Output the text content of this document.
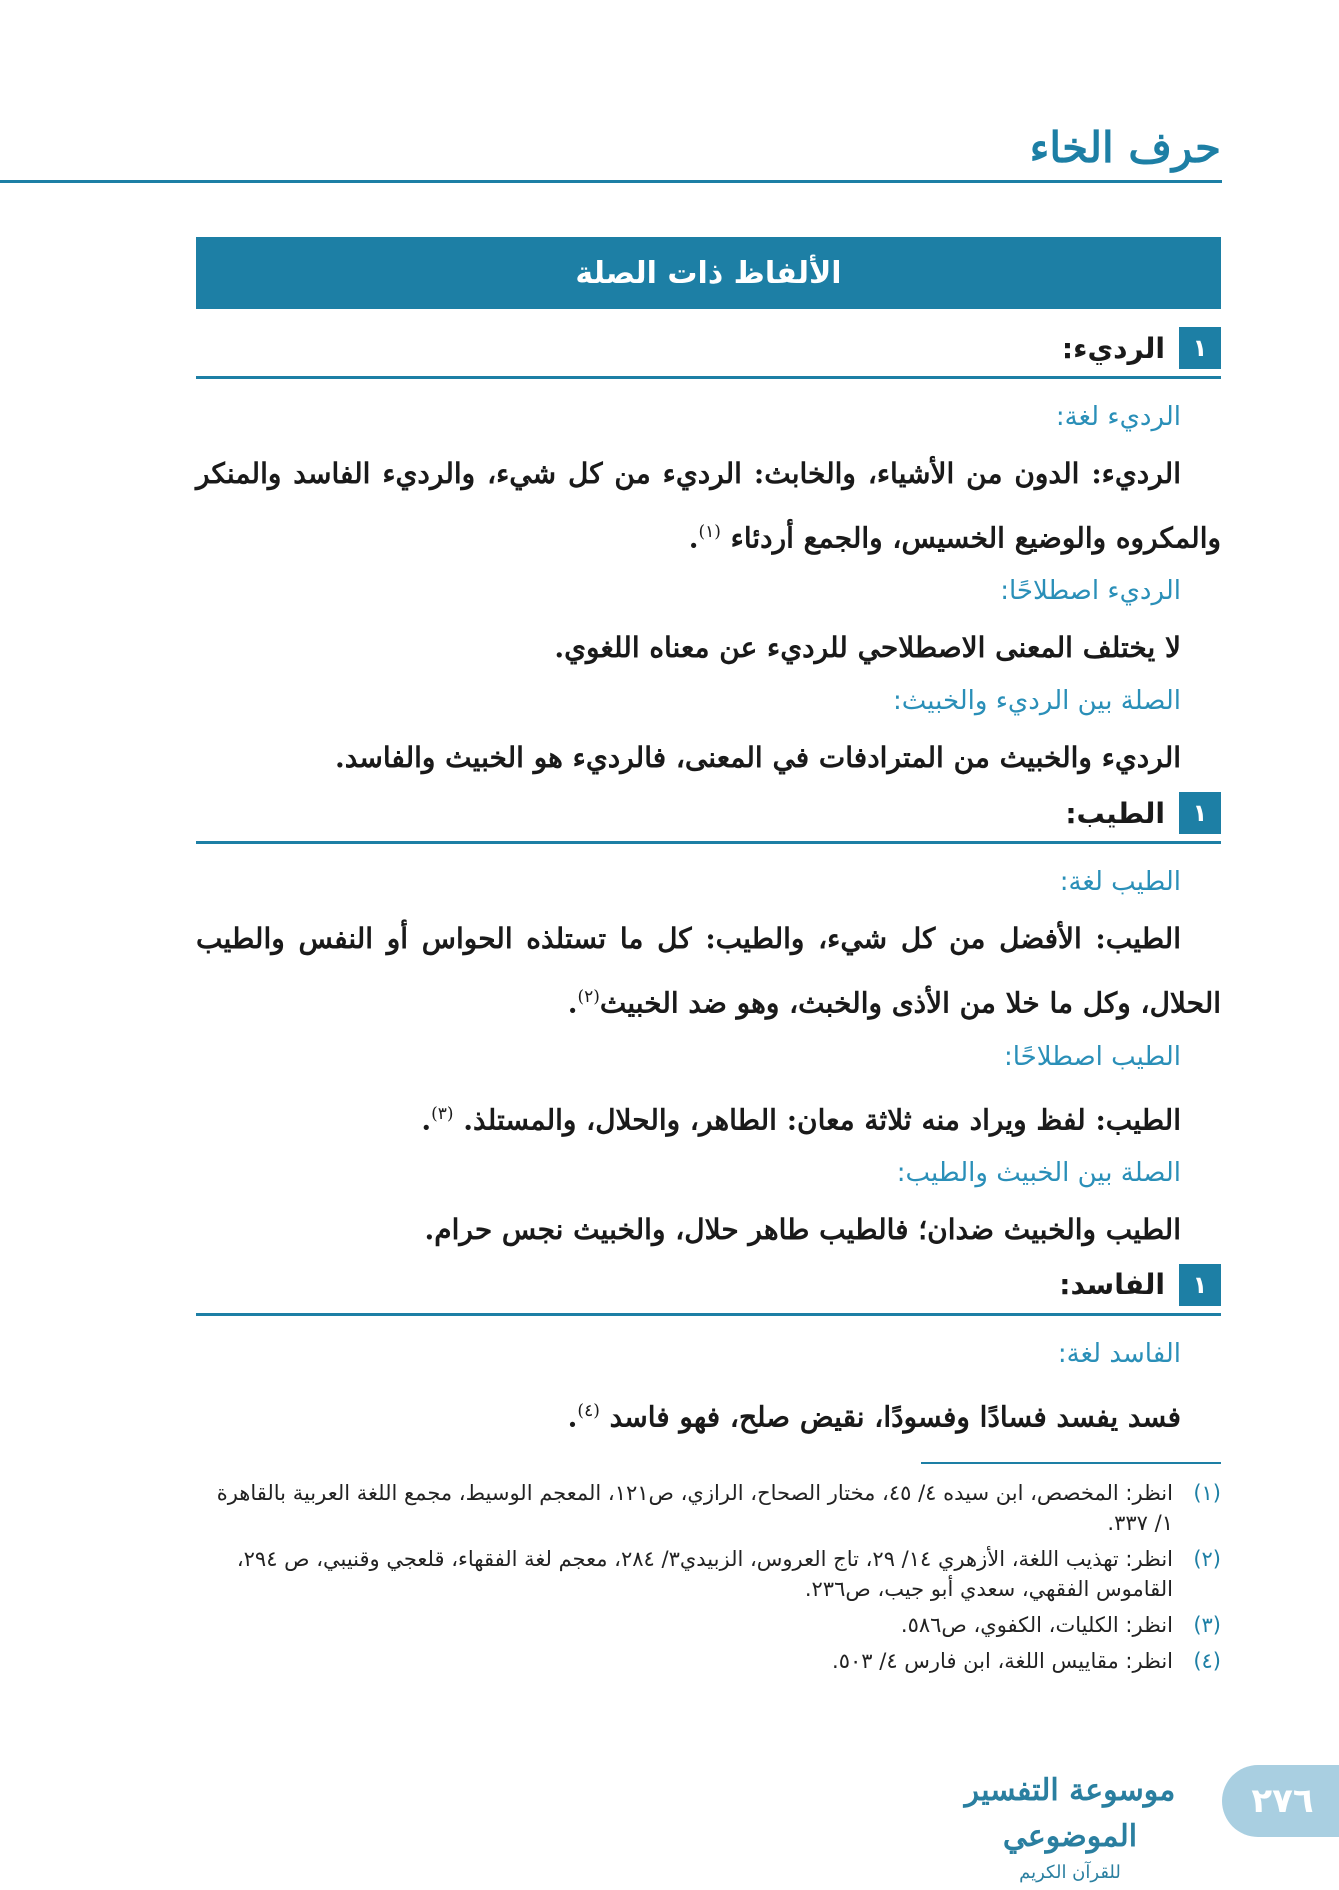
حرف الخاء
الألفاظ ذات الصلة
١
الرديء:
الرديء لغة:

الرديء: الدون من الأشياء، والخابث: الرديء من كل شيء، والرديء الفاسد والمنكر والمكروه والوضيع الخسيس، والجمع أردئاء $^{(١)}$.

الرديء اصطلاحًا:

لا يختلف المعنى الاصطلاحي للرديء عن معناه اللغوي.

الصلة بين الرديء والخبيث:

الرديء والخبيث من المترادفات في المعنى، فالرديء هو الخبيث والفاسد.

١
الطيب:
الطيب لغة:

الطيب: الأفضل من كل شيء، والطيب: كل ما تستلذه الحواس أو النفس والطيب الحلال، وكل ما خلا من الأذى والخبث، وهو ضد الخبيث$^{(٢)}$.

الطيب اصطلاحًا:

الطيب: لفظ ويراد منه ثلاثة معان: الطاهر، والحلال، والمستلذ. $^{(٣)}$.

الصلة بين الخبيث والطيب:

الطيب والخبيث ضدان؛ فالطيب طاهر حلال، والخبيث نجس حرام.

١
الفاسد:
الفاسد لغة:

فسد يفسد فسادًا وفسودًا، نقيض صلح، فهو فاسد $^{(٤)}$.

(١)
انظر: المخصص، ابن سيده ٤/ ٤٥، مختار الصحاح، الرازي، ص١٢١، المعجم الوسيط، مجمع اللغة العربية بالقاهرة ١/ ٣٣٧.
(٢)
انظر: تهذيب اللغة، الأزهري ١٤/ ٢٩، تاج العروس، الزبيدي٣/ ٢٨٤، معجم لغة الفقهاء، قلعجي وقنيبي، ص ٢٩٤، القاموس الفقهي، سعدي أبو جيب، ص٢٣٦.
(٣)
انظر: الكليات، الكفوي، ص٥٨٦.
(٤)
انظر: مقاييس اللغة، ابن فارس ٤/ ٥٠٣.
موسوعة التفسير الموضوعي
للقرآن الكريم
٢٧٦
